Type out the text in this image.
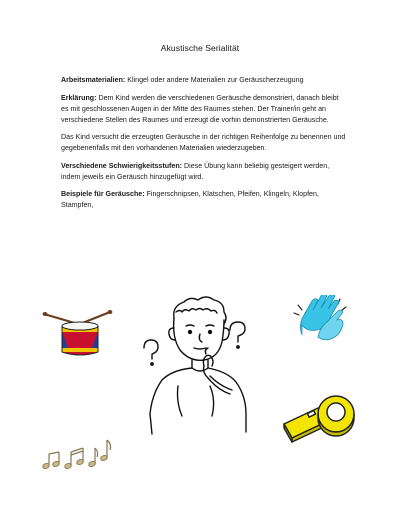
Akustische Serialität

Arbeitsmaterialien: Klingel oder andere Materialien zur Geräuscherzeugung

Erklärung: Dem Kind werden die verschiedenen Geräusche demonstriert, danach bleibt es mit geschlossenen Augen in der Mitte des Raumes stehen. Der Trainer/in geht an verschiedene Stellen des Raumes und erzeugt die vorhin demonstrierten Geräusche.

Das Kind versucht die erzeugten Geräusche in der richtigen Reihenfolge zu benennen und gegebenenfalls mit den vorhandenen Materialien wiederzugeben.

Verschiedene Schwierigkeitsstufen: Diese Übung kann beliebig gesteigert werden, indem jeweils ein Geräusch hinzugefügt wird.

Beispiele für Geräusche: Fingerschnipsen, Klatschen, Pfeifen, Klingeln, Klopfen, Stampfen,
